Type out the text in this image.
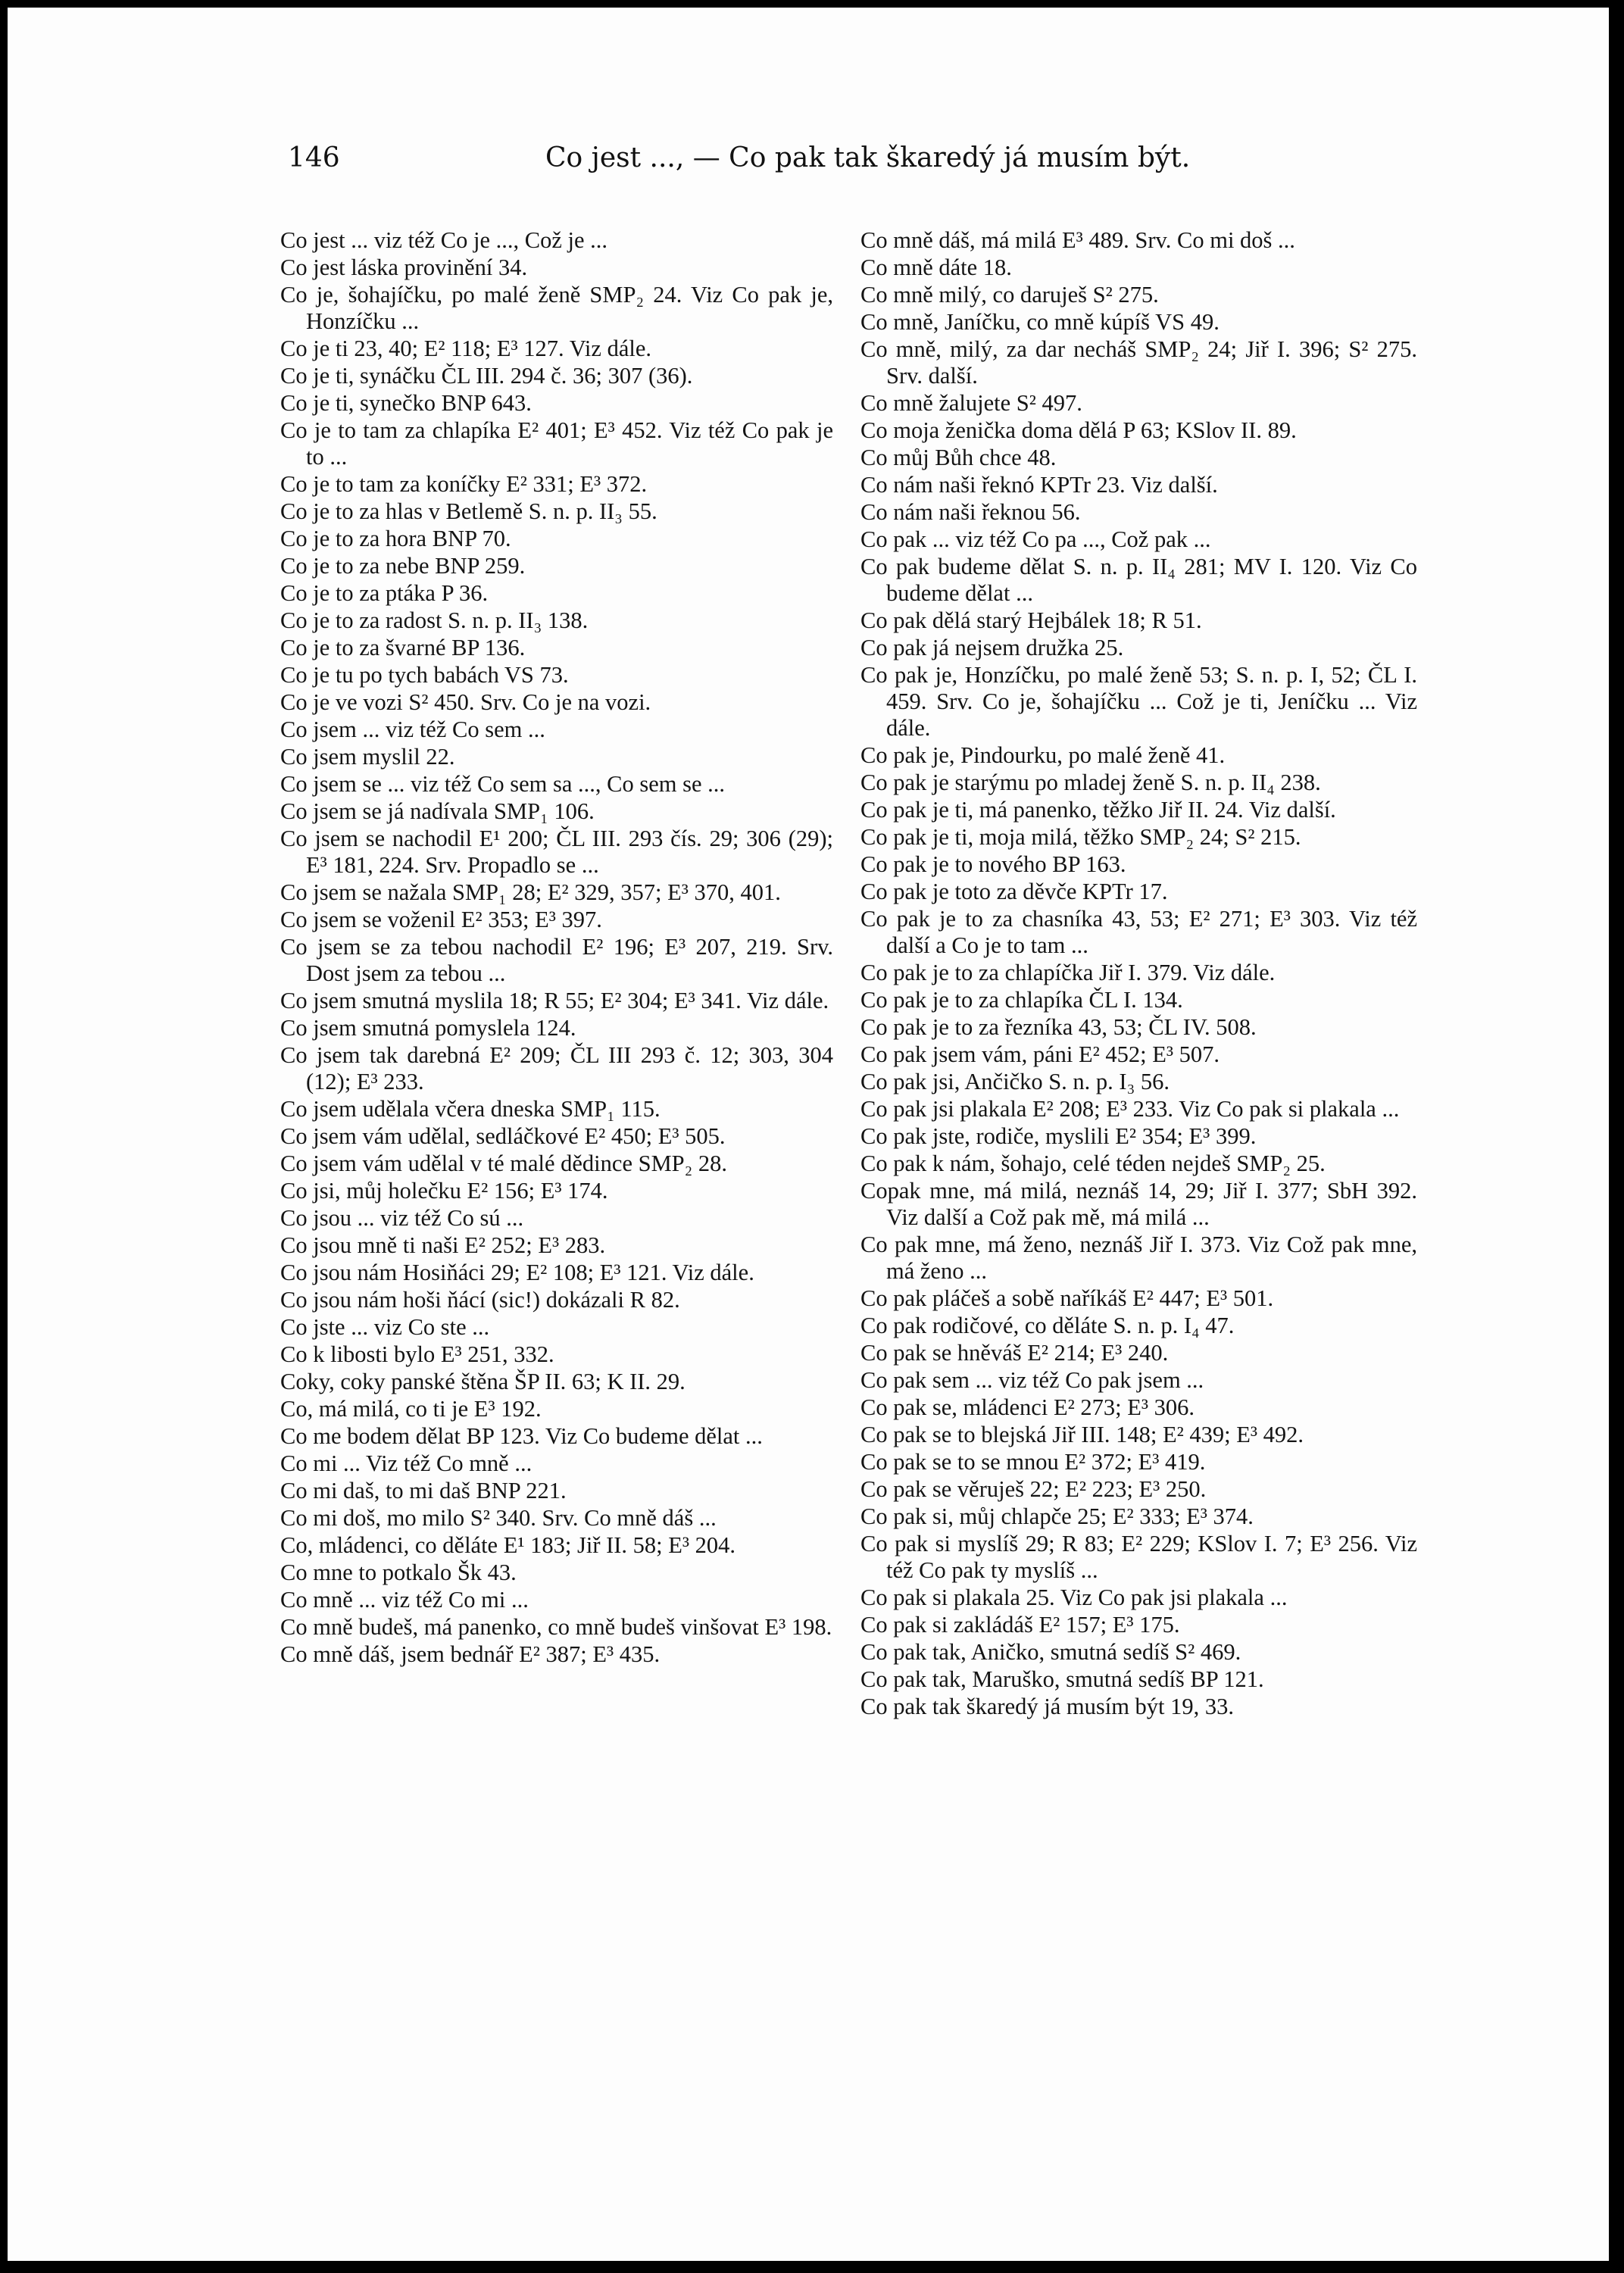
146	Co jest ..., — Co pak tak škaredý já musím být.
Co jest ... viz též Co je ..., Což je ...
Co jest láska provinění 34.
Co je, šohajíčku, po malé ženě SMP₂ 24. Viz Co pak je, Honzíčku ...
Co je ti 23, 40; E² 118; E³ 127. Viz dále.
Co je ti, synáčku ČL III. 294 č. 36; 307 (36).
Co je ti, synečko BNP 643.
Co je to tam za chlapíka E² 401; E³ 452. Viz též Co pak je to ...
Co je to tam za koníčky E² 331; E³ 372.
Co je to za hlas v Betlemě S. n. p. II₃ 55.
Co je to za hora BNP 70.
Co je to za nebe BNP 259.
Co je to za ptáka P 36.
Co je to za radost S. n. p. II₃ 138.
Co je to za švarné BP 136.
Co je tu po tych babách VS 73.
Co je ve vozi S² 450. Srv. Co je na vozi.
Co jsem ... viz též Co sem ...
Co jsem myslil 22.
Co jsem se ... viz též Co sem sa ..., Co sem se ...
Co jsem se já nadívala SMP₁ 106.
Co jsem se nachodil E¹ 200; ČL III. 293 čís. 29; 306 (29); E³ 181, 224. Srv. Propadlo se ...
Co jsem se nažala SMP₁ 28; E² 329, 357; E³ 370, 401.
Co jsem se voženil E² 353; E³ 397.
Co jsem se za tebou nachodil E² 196; E³ 207, 219. Srv. Dost jsem za tebou ...
Co jsem smutná myslila 18; R 55; E² 304; E³ 341. Viz dále.
Co jsem smutná pomyslela 124.
Co jsem tak darebná E² 209; ČL III 293 č. 12; 303, 304 (12); E³ 233.
Co jsem udělala včera dneska SMP₁ 115.
Co jsem vám udělal, sedláčkové E² 450; E³ 505.
Co jsem vám udělal v té malé dědince SMP₂ 28.
Co jsi, můj holečku E² 156; E³ 174.
Co jsou ... viz též Co sú ...
Co jsou mně ti naši E² 252; E³ 283.
Co jsou nám Hosiňáci 29; E² 108; E³ 121. Viz dále.
Co jsou nám hoši ňácí (sic!) dokázali R 82.
Co jste ... viz Co ste ...
Co k libosti bylo E³ 251, 332.
Coky, coky panské štěna ŠP II. 63; K II. 29.
Co, má milá, co ti je E³ 192.
Co me bodem dělat BP 123. Viz Co budeme dělat ...
Co mi ... Viz též Co mně ...
Co mi daš, to mi daš BNP 221.
Co mi doš, mo milo S² 340. Srv. Co mně dáš ...
Co, mládenci, co děláte E¹ 183; Jiř II. 58; E³ 204.
Co mne to potkalo Šk 43.
Co mně ... viz též Co mi ...
Co mně budeš, má panenko, co mně budeš vinšovat E³ 198.
Co mně dáš, jsem bednář E² 387; E³ 435.
Co mně dáš, má milá E³ 489. Srv. Co mi doš ...
Co mně dáte 18.
Co mně milý, co daruješ S² 275.
Co mně, Janíčku, co mně kúpíš VS 49.
Co mně, milý, za dar necháš SMP₂ 24; Jiř I. 396; S² 275. Srv. další.
Co mně žalujete S² 497.
Co moja ženička doma dělá P 63; KSlov II. 89.
Co můj Bůh chce 48.
Co nám naši řeknó KPTr 23. Viz další.
Co nám naši řeknou 56.
Co pak ... viz též Co pa ..., Což pak ...
Co pak budeme dělat S. n. p. II₄ 281; MV I. 120. Viz Co budeme dělat ...
Co pak dělá starý Hejbálek 18; R 51.
Co pak já nejsem družka 25.
Co pak je, Honzíčku, po malé ženě 53; S. n. p. I, 52; ČL I. 459. Srv. Co je, šohajíčku ... Což je ti, Jeníčku ... Viz dále.
Co pak je, Pindourku, po malé ženě 41.
Co pak je starýmu po mladej ženě S. n. p. II₄ 238.
Co pak je ti, má panenko, těžko Jiř II. 24. Viz další.
Co pak je ti, moja milá, těžko SMP₂ 24; S² 215.
Co pak je to nového BP 163.
Co pak je toto za děvče KPTr 17.
Co pak je to za chasníka 43, 53; E² 271; E³ 303. Viz též další a Co je to tam ...
Co pak je to za chlapíčka Jiř I. 379. Viz dále.
Co pak je to za chlapíka ČL I. 134.
Co pak je to za řezníka 43, 53; ČL IV. 508.
Co pak jsem vám, páni E² 452; E³ 507.
Co pak jsi, Ančičko S. n. p. I₃ 56.
Co pak jsi plakala E² 208; E³ 233. Viz Co pak si plakala ...
Co pak jste, rodiče, myslili E² 354; E³ 399.
Co pak k nám, šohajo, celé téden nejdeš SMP₂ 25.
Copak mne, má milá, neznáš 14, 29; Jiř I. 377; SbH 392. Viz další a Což pak mě, má milá ...
Co pak mne, má ženo, neznáš Jiř I. 373. Viz Což pak mne, má ženo ...
Co pak pláčeš a sobě naříkáš E² 447; E³ 501.
Co pak rodičové, co děláte S. n. p. I₄ 47.
Co pak se hněváš E² 214; E³ 240.
Co pak sem ... viz též Co pak jsem ...
Co pak se, mládenci E² 273; E³ 306.
Co pak se to blejská Jiř III. 148; E² 439; E³ 492.
Co pak se to se mnou E² 372; E³ 419.
Co pak se věruješ 22; E² 223; E³ 250.
Co pak si, můj chlapče 25; E² 333; E³ 374.
Co pak si myslíš 29; R 83; E² 229; KSlov I. 7; E³ 256. Viz též Co pak ty myslíš ...
Co pak si plakala 25. Viz Co pak jsi plakala ...
Co pak si zakládáš E² 157; E³ 175.
Co pak tak, Aničko, smutná sedíš S² 469.
Co pak tak, Maruško, smutná sedíš BP 121.
Co pak tak škaredý já musím být 19, 33.
